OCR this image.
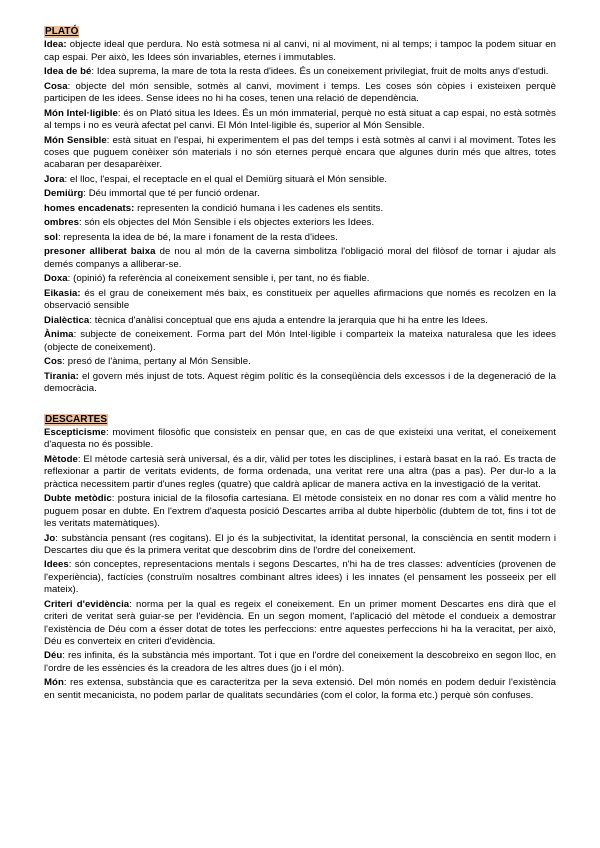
PLATÓ

Idea: objecte ideal que perdura. No està sotmesa ni al canvi, ni al moviment, ni al temps; i tampoc la podem situar en cap espai. Per això, les Idees són invariables, eternes i immutables.

Idea de bé: Idea suprema, la mare de tota la resta d'idees. És un coneixement privilegiat, fruit de molts anys d'estudi.

Cosa: objecte del món sensible, sotmès al canvi, moviment i temps. Les coses són còpies i existeixen perquè participen de les idees. Sense idees no hi ha coses, tenen una relació de dependència.

Món Intel·ligible: és on Plató situa les Idees. És un món immaterial, perquè no està situat a cap espai, no està sotmès al temps i no es veurà afectat pel canvi. El Món Intel·ligible és, superior al Món Sensible.

Món Sensible: està situat en l'espai, hi experimentem el pas del temps i està sotmès al canvi i al moviment. Totes les coses que puguem conèixer són materials i no són eternes perquè encara que algunes durin més que altres, totes acabaran per desaparèixer.

Jora: el lloc, l'espai, el receptacle en el qual el Demiürg situarà el Món sensible.

Demiürg: Déu immortal que té per funció ordenar.

homes encadenats: representen la condició humana i les cadenes els sentits.

ombres: són els objectes del Món Sensible i els objectes exteriors les Idees.

sol: representa la idea de bé, la mare i fonament de la resta d'idees.

presoner alliberat baixa de nou al món de la caverna simbolitza l'obligació moral del filòsof de tornar i ajudar als demés companys a alliberar-se.

Doxa: (opinió) fa referència al coneixement sensible i, per tant, no és fiable.

Eikasia: és el grau de coneixement més baix, es constitueix per aquelles afirmacions que només es recolzen en la observació sensible

Dialèctica: tècnica d'anàlisi conceptual que ens ajuda a entendre la jerarquia que hi ha entre les Idees.

Ànima: subjecte de coneixement. Forma part del Món Intel·ligible i comparteix la mateixa naturalesa que les idees (objecte de coneixement).

Cos: presó de l'ànima, pertany al Món Sensible.

Tirania: el govern més injust de tots. Aquest règim polític és la conseqüència dels excessos i de la degeneració de la democràcia.

DESCARTES

Escepticisme: moviment filosòfic que consisteix en pensar que, en cas de que existeixi una veritat, el coneixement d'aquesta no és possible.

Mètode: El mètode cartesià serà universal, és a dir, vàlid per totes les disciplines, i estarà basat en la raó. Es tracta de reflexionar a partir de veritats evidents, de forma ordenada, una veritat rere una altra (pas a pas). Per dur-lo a la pràctica necessitem partir d'unes regles (quatre) que caldrà aplicar de manera activa en la investigació de la veritat.

Dubte metòdic: postura inicial de la filosofia cartesiana. El mètode consisteix en no donar res com a vàlid mentre ho puguem posar en dubte. En l'extrem d'aquesta posició Descartes arriba al dubte hiperbòlic (dubtem de tot, fins i tot de les veritats matemàtiques).

Jo: substància pensant (res cogitans). El jo és la subjectivitat, la identitat personal, la consciència en sentit modern i Descartes diu que és la primera veritat que descobrim dins de l'ordre del coneixement.

Idees: són conceptes, representacions mentals i segons Descartes, n'hi ha de tres classes: adventícies (provenen de l'experiència), factícies (construïm nosaltres combinant altres idees) i les innates (el pensament les posseeix per ell mateix).

Criteri d'evidència: norma per la qual es regeix el coneixement. En un primer moment Descartes ens dirà que el criteri de veritat serà guiar-se per l'evidència. En un segon moment, l'aplicació del mètode el condueix a demostrar l'existència de Déu com a ésser dotat de totes les perfeccions: entre aquestes perfeccions hi ha la veracitat, per això, Déu es converteix en criteri d'evidència.

Déu: res infinita, és la substància més important. Tot i que en l'ordre del coneixement la descobreixo en segon lloc, en l'ordre de les essències és la creadora de les altres dues (jo i el món).

Món: res extensa, substància que es caracteritza per la seva extensió. Del món només en podem deduir l'existència en sentit mecanicista, no podem parlar de qualitats secundàries (com el color, la forma etc.) perquè són confuses.
